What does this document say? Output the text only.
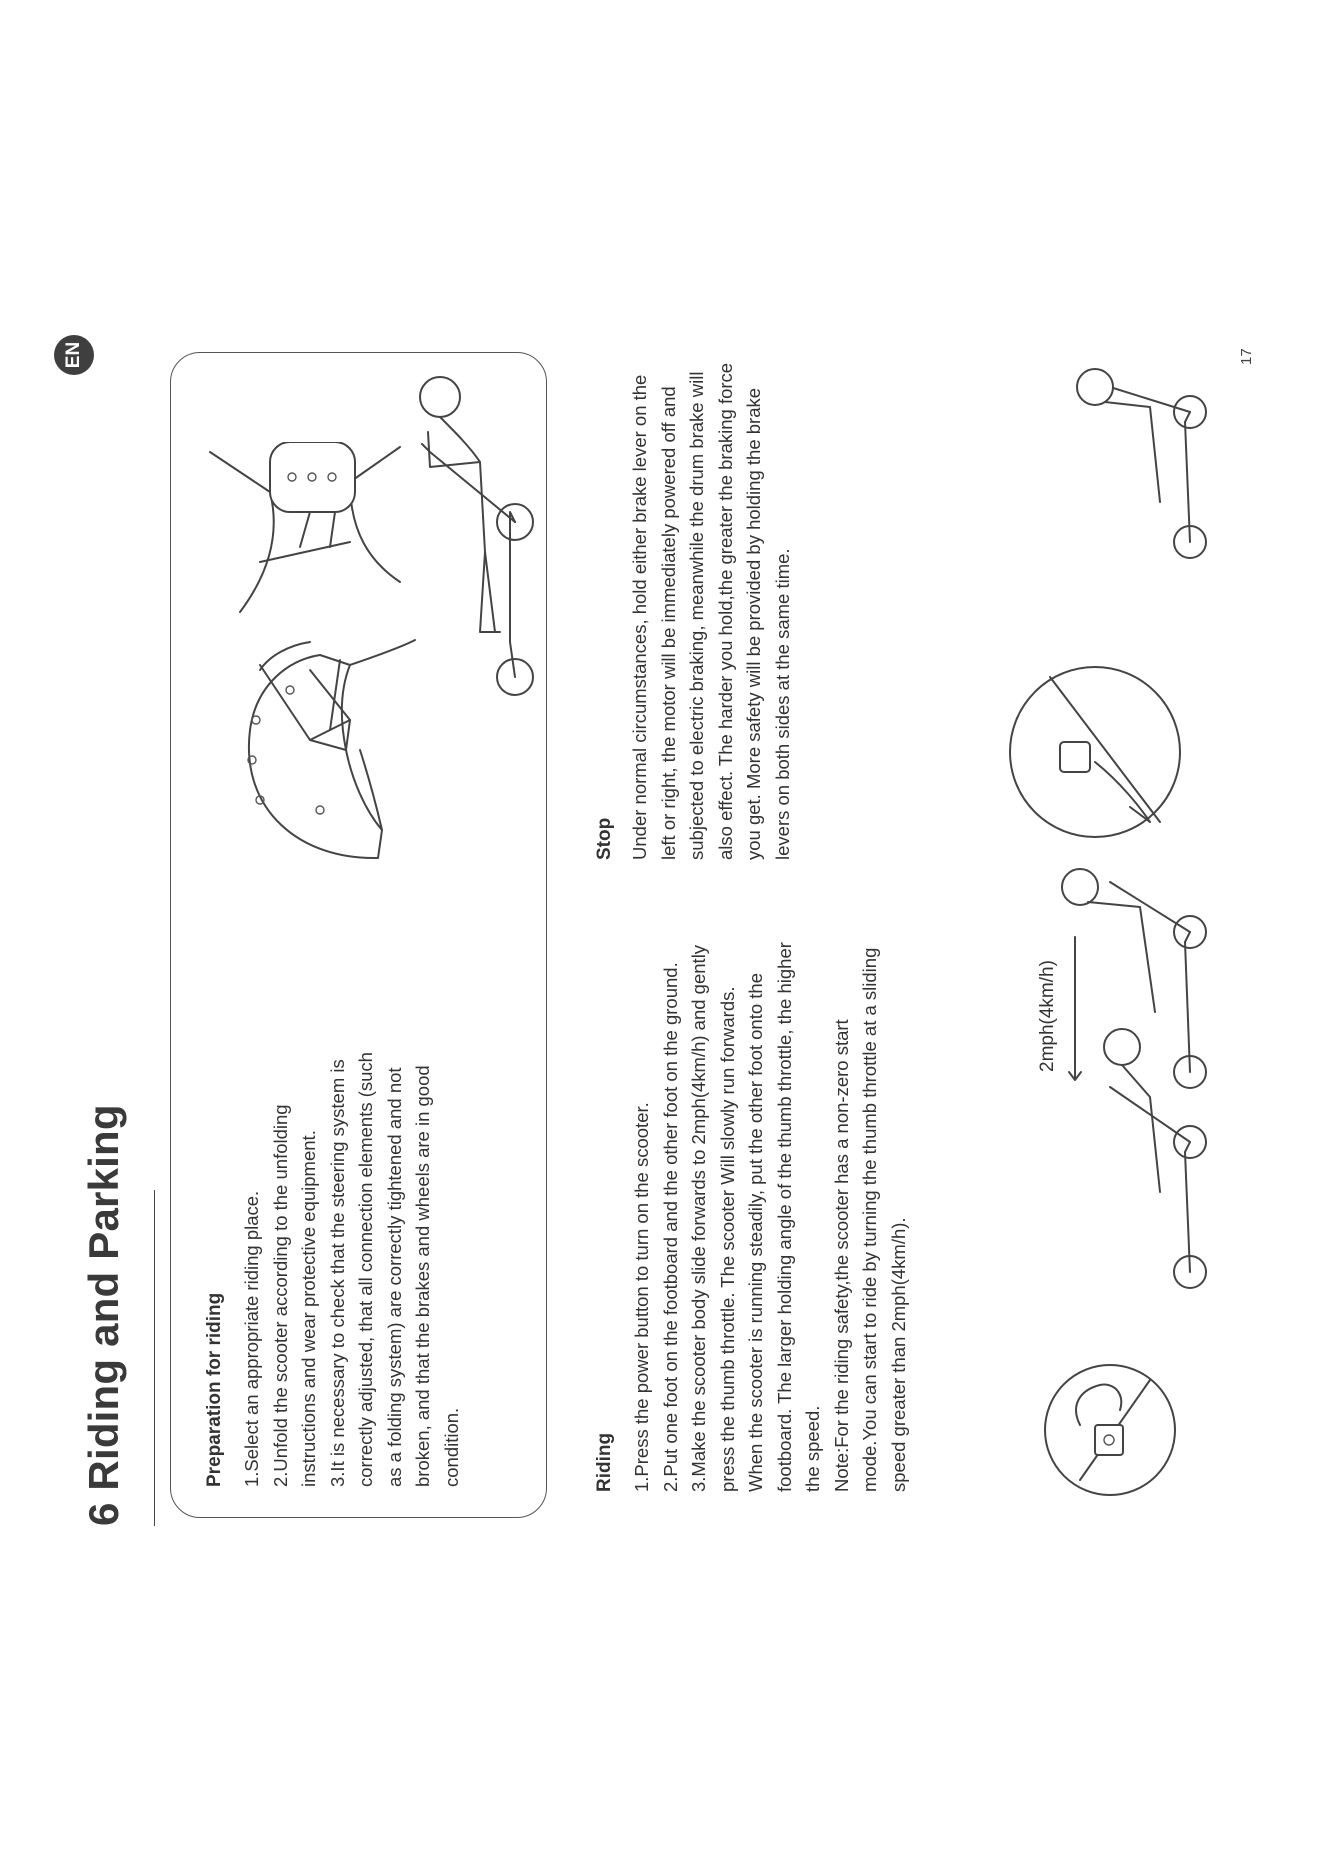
6 Riding and Parking
EN
Preparation for riding 1.Select an appropriate riding place. 2.Unfold the scooter according to the unfolding instructions and wear protective equipment. 3.It is necessary to check that the steering system is correctly adjusted, that all connection elements (such as a folding system) are correctly tightened and not broken, and that the brakes and wheels are in good condition.	Riding 1.Press the power button to turn on the scooter. 2.Put one foot on the footboard and the other foot on the ground. 3.Make the scooter body slide forwards to 2mph(4km/h) and gently press the thumb throttle. The scooter Will slowly run forwards. When the scooter is running steadily, put the other foot onto the footboard. The larger holding angle of the thumb throttle, the higher the speed. Note:For the riding safety,the scooter has a non-zero start mode.You can start to ride by turning the thumb throttle at a sliding speed greater than 2mph(4km/h).

2mph(4km/h)
Stop Under normal circumstances, hold either brake lever on the left or right, the motor will be immediately powered off and subjected to electric braking, meanwhile the drum brake will also effect. The harder you hold,the greater the braking force you get. More safety will be provided by holding the brake levers on both sides at the same time.
17
